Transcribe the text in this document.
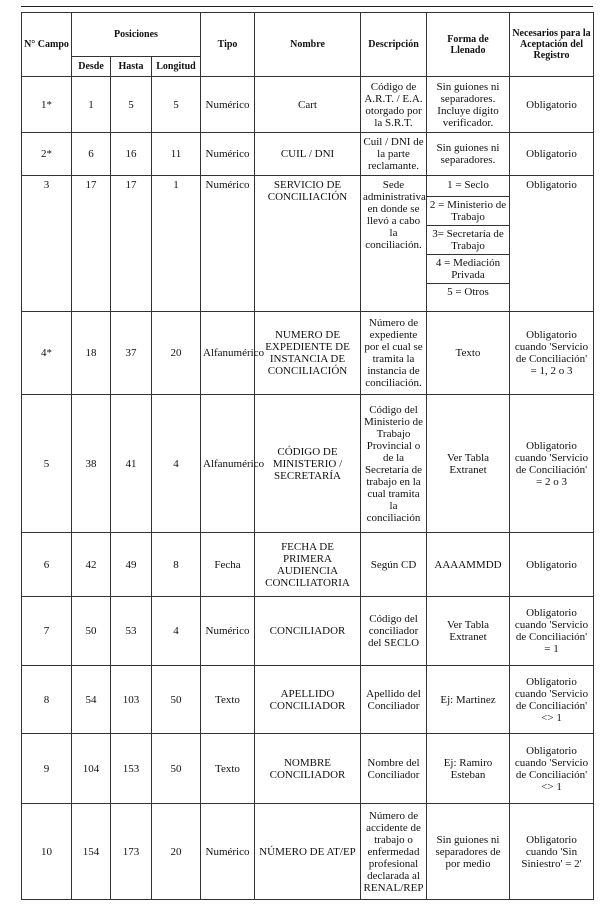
N° Campo	Posiciones			Tipo	Nombre	Descripción	Forma de Llenado	Necesarios para la Aceptación del Registro
	Desde	Hasta	Longitud					
1*	1	5	5	Numérico	Cart	Código de A.R.T. / E.A. otorgado por la S.R.T.	Sin guiones ni separadores. Incluye dígito verificador.	Obligatorio
2*	6	16	11	Numérico	CUIL / DNI	Cuil / DNI de la parte reclamante.	Sin guiones ni separadores.	Obligatorio
3	17	17	1	Numérico	SERVICIO DE CONCILIACIÓN	Sede administrativa en donde se llevó a cabo la conciliación.	1 = Seclo
2 = Ministerio de Trabajo
3= Secretaría de Trabajo
4 = Mediación Privada
5 = Otros	Obligatorio
4*	18	37	20	Alfanumérico	NUMERO DE EXPEDIENTE DE INSTANCIA DE CONCILIACIÓN	Número de expediente por el cual se tramita la instancia de conciliación.	Texto	Obligatorio cuando 'Servicio de Conciliación' = 1, 2 o 3
5	38	41	4	Alfanumérico	CÓDIGO DE MINISTERIO / SECRETARÍA	Código del Ministerio de Trabajo Provincial o de la Secretaría de trabajo en la cual tramita la conciliación	Ver Tabla Extranet	Obligatorio cuando 'Servicio de Conciliación' = 2 o 3
6	42	49	8	Fecha	FECHA DE PRIMERA AUDIENCIA CONCILIATORIA	Según CD	AAAAMMDD	Obligatorio
7	50	53	4	Numérico	CONCILIADOR	Código del conciliador del SECLO	Ver Tabla Extranet	Obligatorio cuando 'Servicio de Conciliación' = 1
8	54	103	50	Texto	APELLIDO CONCILIADOR	Apellido del Conciliador	Ej: Martinez	Obligatorio cuando 'Servicio de Conciliación' <> 1
9	104	153	50	Texto	NOMBRE CONCILIADOR	Nombre del Conciliador	Ej: Ramiro Esteban	Obligatorio cuando 'Servicio de Conciliación' <> 1
10	154	173	20	Numérico	NÚMERO DE AT/EP	Número de accidente de trabajo o enfermedad profesional declarada al RENAL/REP	Sin guiones ni separadores de por medio	Obligatorio cuando 'Sin Siniestro' = 2'
